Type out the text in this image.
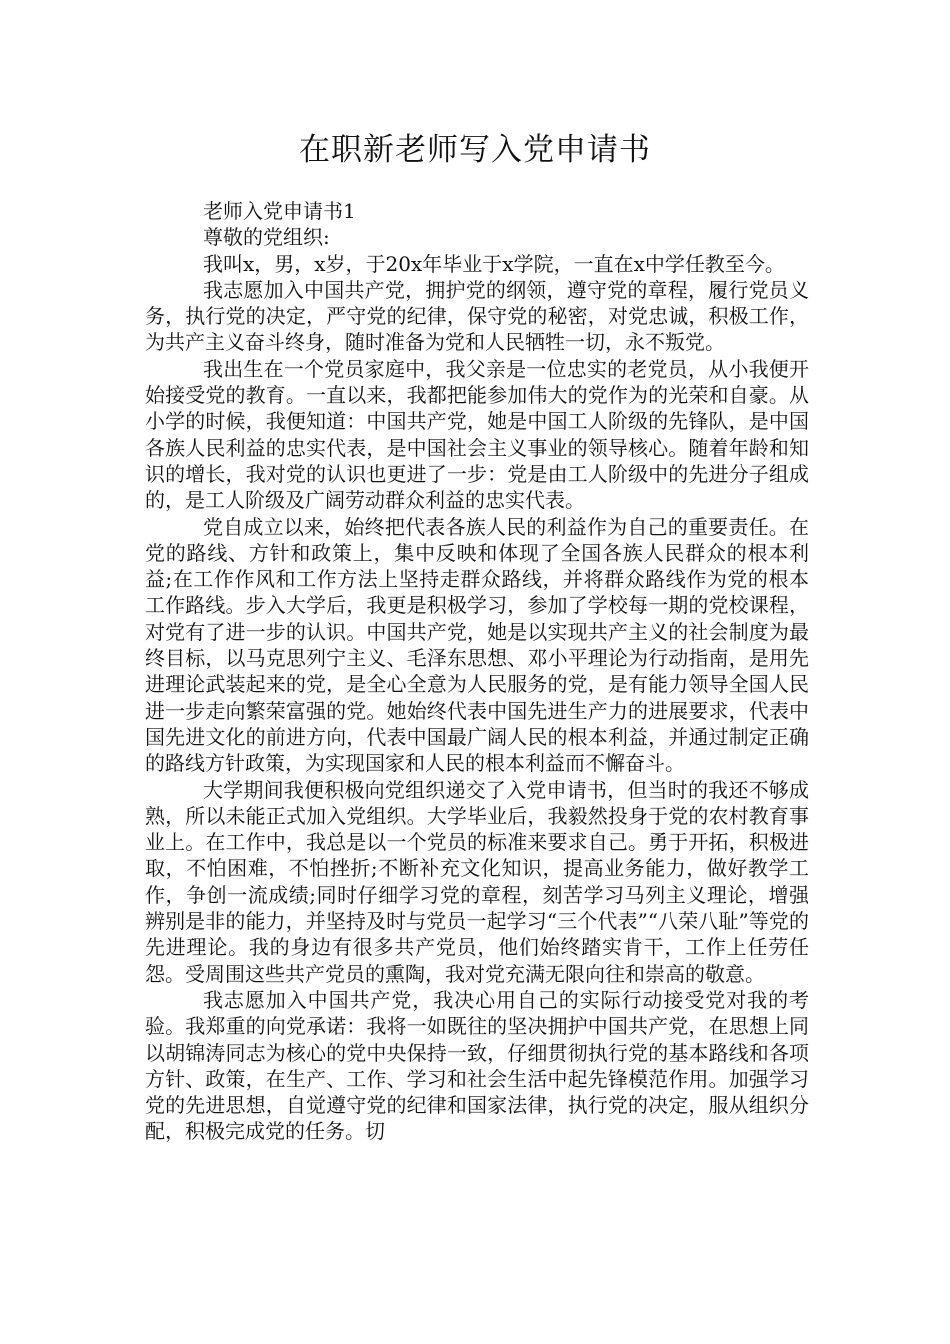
在职新老师写入党申请书

老师入党申请书1

尊敬的党组织:

我叫x，男，x岁，于20x年毕业于x学院，一直在x中学任教至今。

我志愿加入中国共产党，拥护党的纲领，遵守党的章程，履行党员义务，执行党的决定，严守党的纪律，保守党的秘密，对党忠诚，积极工作，为共产主义奋斗终身，随时准备为党和人民牺牲一切，永不叛党。

我出生在一个党员家庭中，我父亲是一位忠实的老党员，从小我便开始接受党的教育。一直以来，我都把能参加伟大的党作为的光荣和自豪。从小学的时候，我便知道：中国共产党，她是中国工人阶级的先锋队，是中国各族人民利益的忠实代表，是中国社会主义事业的领导核心。随着年龄和知识的增长，我对党的认识也更进了一步：党是由工人阶级中的先进分子组成的，是工人阶级及广阔劳动群众利益的忠实代表。

党自成立以来，始终把代表各族人民的利益作为自己的重要责任。在党的路线、方针和政策上，集中反映和体现了全国各族人民群众的根本利益;在工作作风和工作方法上坚持走群众路线，并将群众路线作为党的根本工作路线。步入大学后，我更是积极学习，参加了学校每一期的党校课程，对党有了进一步的认识。中国共产党，她是以实现共产主义的社会制度为最终目标，以马克思列宁主义、毛泽东思想、邓小平理论为行动指南，是用先进理论武装起来的党，是全心全意为人民服务的党，是有能力领导全国人民进一步走向繁荣富强的党。她始终代表中国先进生产力的进展要求，代表中国先进文化的前进方向，代表中国最广阔人民的根本利益，并通过制定正确的路线方针政策，为实现国家和人民的根本利益而不懈奋斗。

大学期间我便积极向党组织递交了入党申请书，但当时的我还不够成熟，所以未能正式加入党组织。大学毕业后，我毅然投身于党的农村教育事业上。在工作中，我总是以一个党员的标准来要求自己。勇于开拓，积极进取，不怕困难，不怕挫折;不断补充文化知识，提高业务能力，做好教学工作，争创一流成绩;同时仔细学习党的章程，刻苦学习马列主义理论，增强辨别是非的能力，并坚持及时与党员一起学习“三个代表”“八荣八耻”等党的先进理论。我的身边有很多共产党员，他们始终踏实肯干，工作上任劳任怨。受周围这些共产党员的熏陶，我对党充满无限向往和崇高的敬意。

我志愿加入中国共产党，我决心用自己的实际行动接受党对我的考验。我郑重的向党承诺：我将一如既往的坚决拥护中国共产党，在思想上同以胡锦涛同志为核心的党中央保持一致，仔细贯彻执行党的基本路线和各项方针、政策，在生产、工作、学习和社会生活中起先锋模范作用。加强学习党的先进思想，自觉遵守党的纪律和国家法律，执行党的决定，服从组织分配，积极完成党的任务。切
